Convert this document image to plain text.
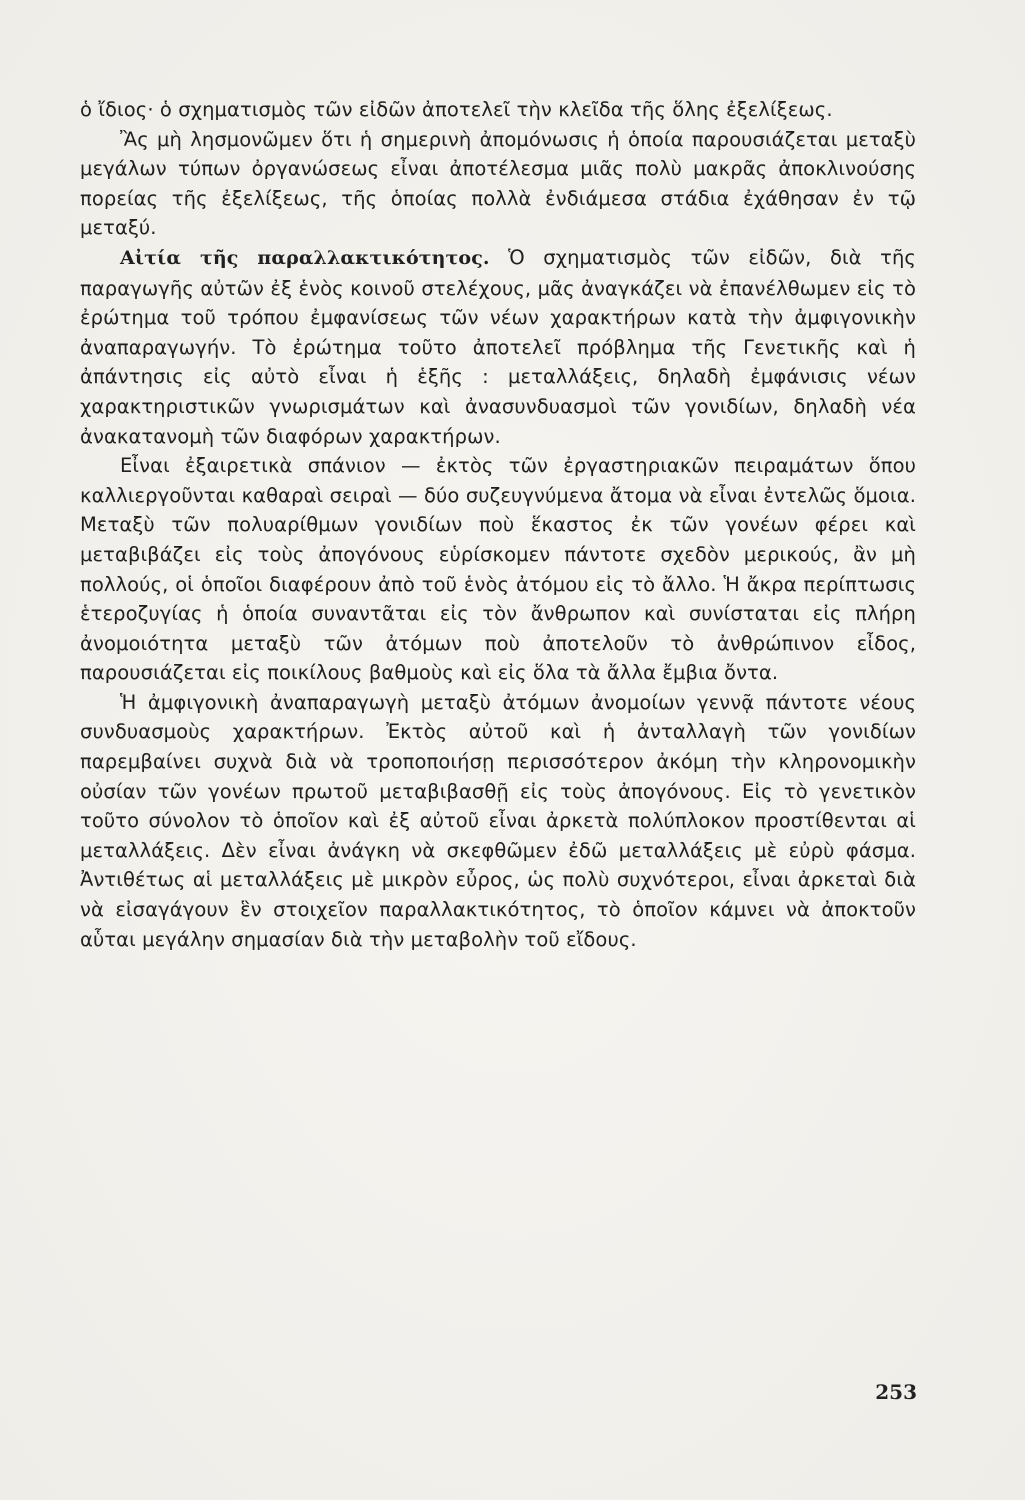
ὁ ἴδιος· ὁ σχηματισμὸς τῶν εἰδῶν ἀποτελεῖ τὴν κλεῖδα τῆς ὅλης ἐξελίξεως.

Ἂς μὴ λησμονῶμεν ὅτι ἡ σημερινὴ ἀπομόνωσις ἡ ὁποία παρουσιάζεται μεταξὺ μεγάλων τύπων ὀργανώσεως εἶναι ἀποτέλεσμα μιᾶς πολὺ μακρᾶς ἀποκλινούσης πορείας τῆς ἐξελίξεως, τῆς ὁποίας πολλὰ ἐνδιάμεσα στάδια ἐχάθησαν ἐν τῷ μεταξύ.

Αἰτία τῆς παραλλακτικότητος. Ὁ σχηματισμὸς τῶν εἰδῶν, διὰ τῆς παραγωγῆς αὐτῶν ἐξ ἑνὸς κοινοῦ στελέχους, μᾶς ἀναγκάζει νὰ ἐπανέλθωμεν εἰς τὸ ἐρώτημα τοῦ τρόπου ἐμφανίσεως τῶν νέων χαρακτήρων κατὰ τὴν ἀμφιγονικὴν ἀναπαραγωγήν. Τὸ ἐρώτημα τοῦτο ἀποτελεῖ πρόβλημα τῆς Γενετικῆς καὶ ἡ ἀπάντησις εἰς αὐτὸ εἶναι ἡ ἑξῆς : μεταλλάξεις, δηλαδὴ ἐμφάνισις νέων χαρακτηριστικῶν γνωρισμάτων καὶ ἀνασυνδυασμοὶ τῶν γονιδίων, δηλαδὴ νέα ἀνακατανομὴ τῶν διαφόρων χαρακτήρων.

Εἶναι ἐξαιρετικὰ σπάνιον — ἐκτὸς τῶν ἐργαστηριακῶν πειραμάτων ὅπου καλλιεργοῦνται καθαραὶ σειραὶ — δύο συζευγνύμενα ἄτομα νὰ εἶναι ἐντελῶς ὅμοια. Μεταξὺ τῶν πολυαρίθμων γονιδίων ποὺ ἕκαστος ἐκ τῶν γονέων φέρει καὶ μεταβιβάζει εἰς τοὺς ἀπογόνους εὑρίσκομεν πάντοτε σχεδὸν μερικούς, ἂν μὴ πολλούς, οἱ ὁποῖοι διαφέρουν ἀπὸ τοῦ ἑνὸς ἀτόμου εἰς τὸ ἄλλο. Ἡ ἄκρα περίπτωσις ἑτεροζυγίας ἡ ὁποία συναντᾶται εἰς τὸν ἄνθρωπον καὶ συνίσταται εἰς πλήρη ἀνομοιότητα μεταξὺ τῶν ἀτόμων ποὺ ἀποτελοῦν τὸ ἀνθρώπινον εἶδος, παρουσιάζεται εἰς ποικίλους βαθμοὺς καὶ εἰς ὅλα τὰ ἄλλα ἔμβια ὄντα.

Ἡ ἀμφιγονικὴ ἀναπαραγωγὴ μεταξὺ ἀτόμων ἀνομοίων γεννᾷ πάντοτε νέους συνδυασμοὺς χαρακτήρων. Ἐκτὸς αὐτοῦ καὶ ἡ ἀνταλλαγὴ τῶν γονιδίων παρεμβαίνει συχνὰ διὰ νὰ τροποποιήσῃ περισσότερον ἀκόμη τὴν κληρονομικὴν οὐσίαν τῶν γονέων πρωτοῦ μεταβιβασθῇ εἰς τοὺς ἀπογόνους. Εἰς τὸ γενετικὸν τοῦτο σύνολον τὸ ὁποῖον καὶ ἐξ αὐτοῦ εἶναι ἀρκετὰ πολύπλοκον προστίθενται αἱ μεταλλάξεις. Δὲν εἶναι ἀνάγκη νὰ σκεφθῶμεν ἐδῶ μεταλλάξεις μὲ εὐρὺ φάσμα. Ἀντιθέτως αἱ μεταλλάξεις μὲ μικρὸν εὖρος, ὡς πολὺ συχνότεροι, εἶναι ἀρκεταὶ διὰ νὰ εἰσαγάγουν ἓν στοιχεῖον παραλλακτικότητος, τὸ ὁποῖον κάμνει νὰ ἀποκτοῦν αὗται μεγάλην σημασίαν διὰ τὴν μεταβολὴν τοῦ εἴδους.

253
